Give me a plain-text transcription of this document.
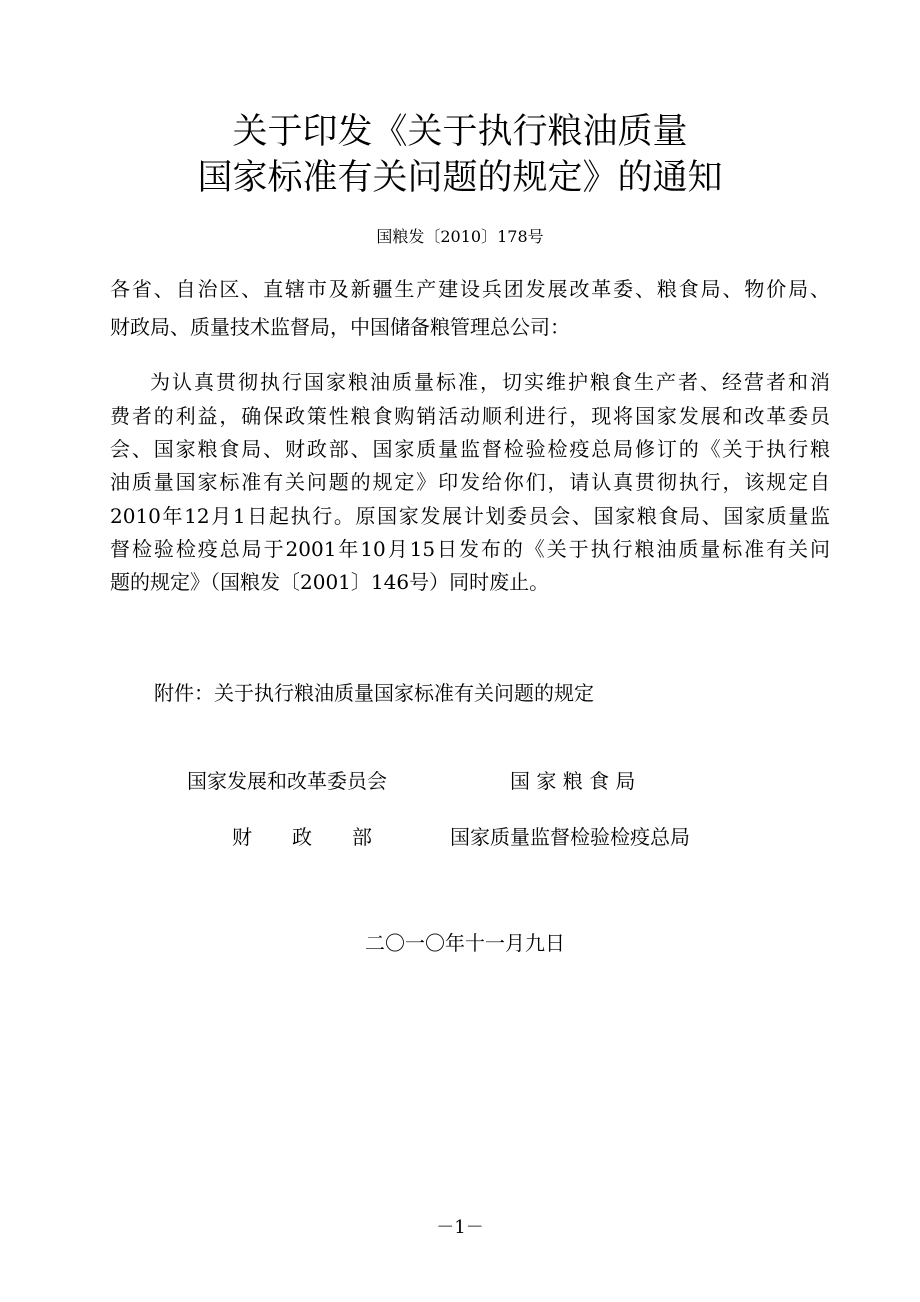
关于印发《关于执行粮油质量
国家标准有关问题的规定》的通知
国粮发〔2010〕178号
各省、自治区、直辖市及新疆生产建设兵团发展改革委、粮食局、物价局、
财政局、质量技术监督局，中国储备粮管理总公司：
为认真贯彻执行国家粮油质量标准，切实维护粮食生产者、经营者和消
费者的利益，确保政策性粮食购销活动顺利进行，现将国家发展和改革委员
会、国家粮食局、财政部、国家质量监督检验检疫总局修订的《关于执行粮
油质量国家标准有关问题的规定》印发给你们，请认真贯彻执行，该规定自
2010年12月1日起执行。原国家发展计划委员会、国家粮食局、国家质量监
督检验检疫总局于2001年10月15日发布的《关于执行粮油质量标准有关问
题的规定》（国粮发〔2001〕146号）同时废止。
附件：关于执行粮油质量国家标准有关问题的规定
国家发展和改革委员会	国 家 粮 食 局
财　　政　　部	国家质量监督检验检疫总局
二〇一〇年十一月九日
－1－
